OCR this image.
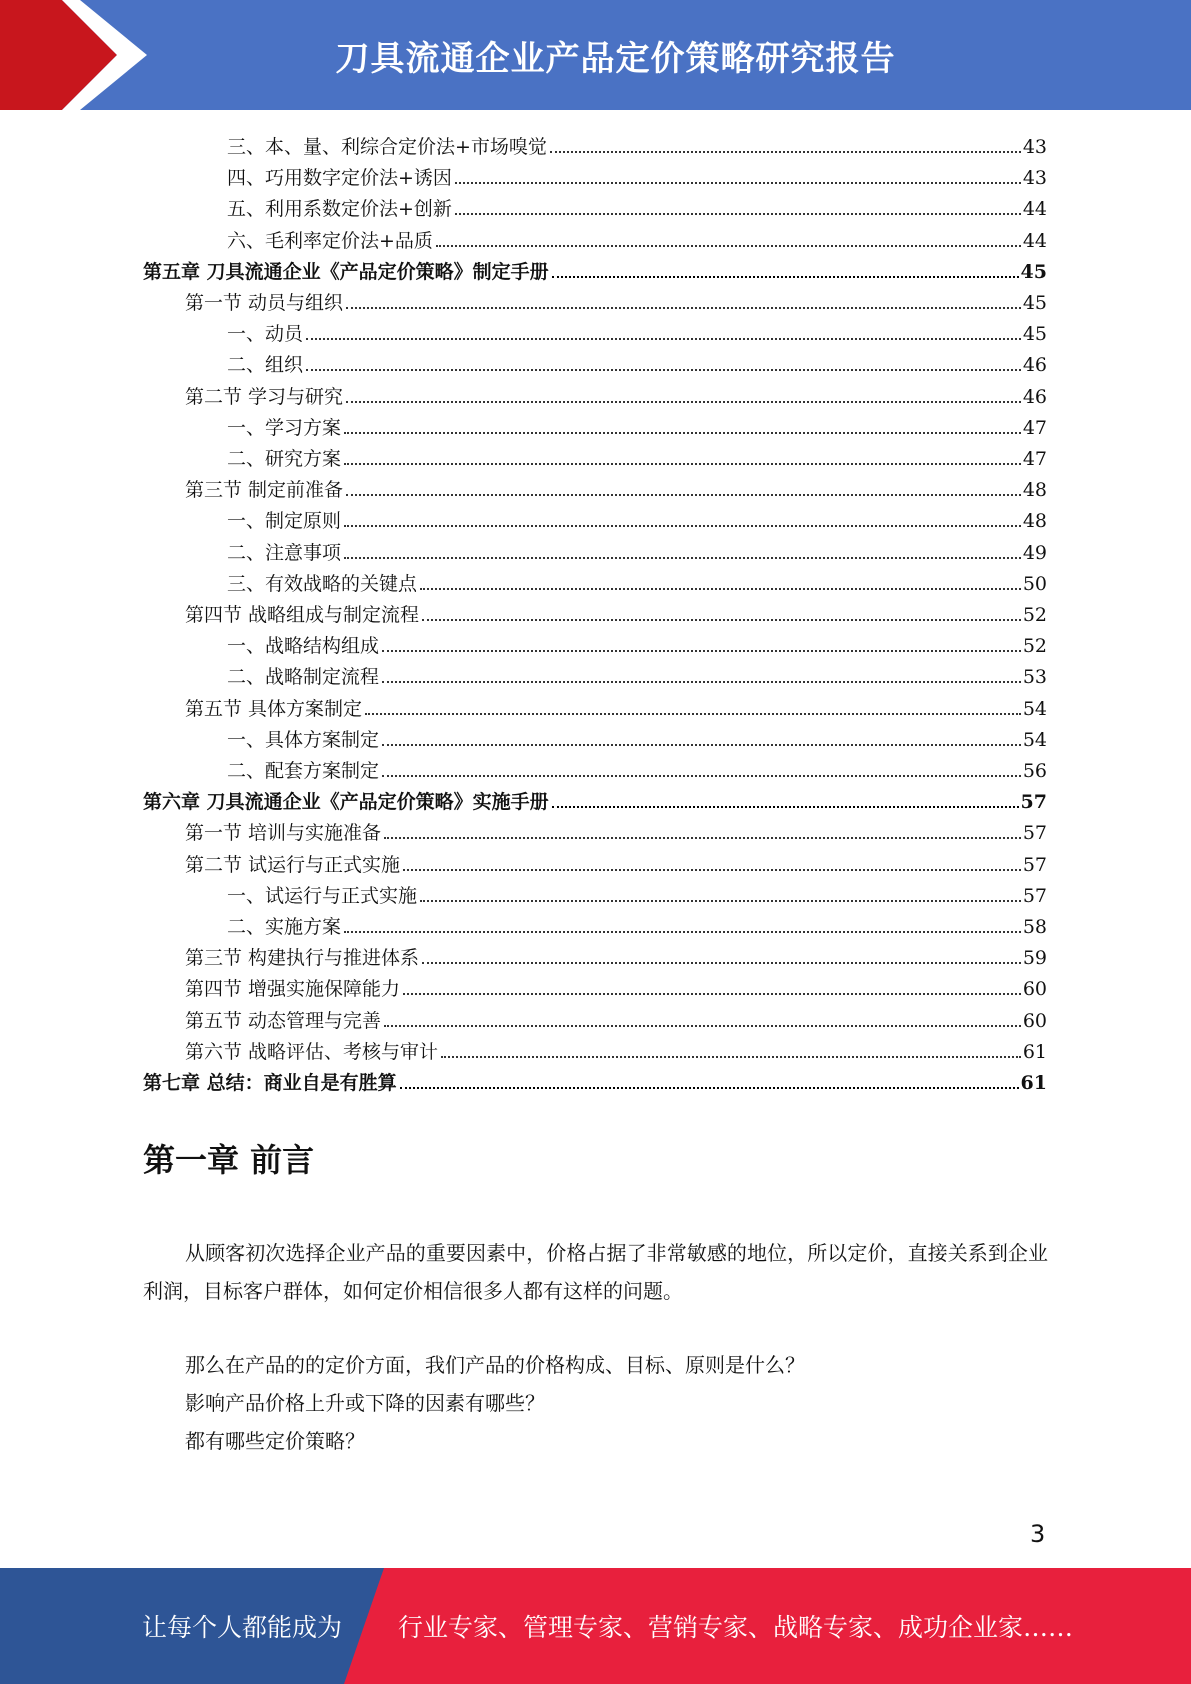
刀具流通企业产品定价策略研究报告
三、本、量、利综合定价法+市场嗅觉	43
四、巧用数字定价法+诱因	43
五、利用系数定价法+创新	44
六、毛利率定价法+品质	44
第五章 刀具流通企业《产品定价策略》制定手册	45
第一节 动员与组织	45
一、动员	45
二、组织	46
第二节 学习与研究	46
一、学习方案	47
二、研究方案	47
第三节 制定前准备	48
一、制定原则	48
二、注意事项	49
三、有效战略的关键点	50
第四节 战略组成与制定流程	52
一、战略结构组成	52
二、战略制定流程	53
第五节 具体方案制定	54
一、具体方案制定	54
二、配套方案制定	56
第六章 刀具流通企业《产品定价策略》实施手册	57
第一节 培训与实施准备	57
第二节 试运行与正式实施	57
一、试运行与正式实施	57
二、实施方案	58
第三节 构建执行与推进体系	59
第四节 增强实施保障能力	60
第五节 动态管理与完善	60
第六节 战略评估、考核与审计	61
第七章 总结：商业自是有胜算	61
第一章 前言
从顾客初次选择企业产品的重要因素中，价格占据了非常敏感的地位，所以定价，直接关系到企业利润，目标客户群体，如何定价相信很多人都有这样的问题。
那么在产品的的定价方面，我们产品的价格构成、目标、原则是什么？
影响产品价格上升或下降的因素有哪些？
都有哪些定价策略？
3
让每个人都能成为 行业专家、管理专家、营销专家、战略专家、成功企业家……
